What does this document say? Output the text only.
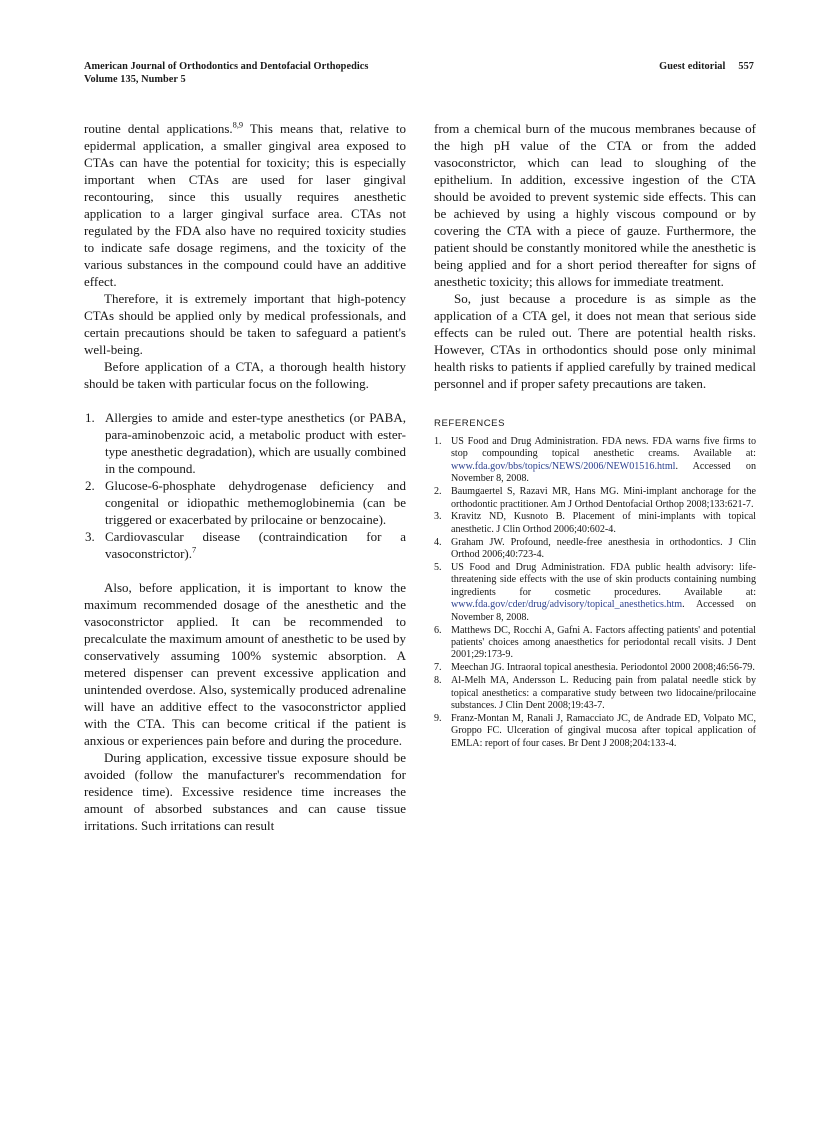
American Journal of Orthodontics and Dentofacial Orthopedics	Guest editorial 557
Volume 135, Number 5

routine dental applications.$^{8,9}$ This means that, relative to epidermal application, a smaller gingival area exposed to CTAs can have the potential for toxicity; this is especially important when CTAs are used for laser gingival recontouring, since this usually requires anesthetic application to a larger gingival surface area. CTAs not regulated by the FDA also have no required toxicity studies to indicate safe dosage regimens, and the toxicity of the various substances in the compound could have an additive effect.

Therefore, it is extremely important that high-potency CTAs should be applied only by medical professionals, and certain precautions should be taken to safeguard a patient's well-being.

Before application of a CTA, a thorough health history should be taken with particular focus on the following.

1. Allergies to amide and ester-type anesthetics (or PABA, para-aminobenzoic acid, a metabolic product with ester-type anesthetic degradation), which are usually combined in the compound.
2. Glucose-6-phosphate dehydrogenase deficiency and congenital or idiopathic methemoglobinemia (can be triggered or exacerbated by prilocaine or benzocaine).
3. Cardiovascular disease (contraindication for a vasoconstrictor).$^7$

Also, before application, it is important to know the maximum recommended dosage of the anesthetic and the vasoconstrictor applied. It can be recommended to precalculate the maximum amount of anesthetic to be used by conservatively assuming 100% systemic absorption. A metered dispenser can prevent excessive application and unintended overdose. Also, systemically produced adrenaline will have an additive effect to the vasoconstrictor applied with the CTA. This can become critical if the patient is anxious or experiences pain before and during the procedure.

During application, excessive tissue exposure should be avoided (follow the manufacturer's recommendation for residence time). Excessive residence time increases the amount of absorbed substances and can cause tissue irritations. Such irritations can result

from a chemical burn of the mucous membranes because of the high pH value of the CTA or from the added vasoconstrictor, which can lead to sloughing of the epithelium. In addition, excessive ingestion of the CTA should be avoided to prevent systemic side effects. This can be achieved by using a highly viscous compound or by covering the CTA with a piece of gauze. Furthermore, the patient should be constantly monitored while the anesthetic is being applied and for a short period thereafter for signs of anesthetic toxicity; this allows for immediate treatment.

So, just because a procedure is as simple as the application of a CTA gel, it does not mean that serious side effects can be ruled out. There are potential health risks. However, CTAs in orthodontics should pose only minimal health risks to patients if applied carefully by trained medical personnel and if proper safety precautions are taken.

REFERENCES
1. US Food and Drug Administration. FDA news. FDA warns five firms to stop compounding topical anesthetic creams. Available at: www.fda.gov/bbs/topics/NEWS/2006/NEW01516.html. Accessed on November 8, 2008.
2. Baumgaertel S, Razavi MR, Hans MG. Mini-implant anchorage for the orthodontic practitioner. Am J Orthod Dentofacial Orthop 2008;133:621-7.
3. Kravitz ND, Kusnoto B. Placement of mini-implants with topical anesthetic. J Clin Orthod 2006;40:602-4.
4. Graham JW. Profound, needle-free anesthesia in orthodontics. J Clin Orthod 2006;40:723-4.
5. US Food and Drug Administration. FDA public health advisory: life-threatening side effects with the use of skin products containing numbing ingredients for cosmetic procedures. Available at: www.fda.gov/cder/drug/advisory/topical_anesthetics.htm. Accessed on November 8, 2008.
6. Matthews DC, Rocchi A, Gafni A. Factors affecting patients' and potential patients' choices among anaesthetics for periodontal recall visits. J Dent 2001;29:173-9.
7. Meechan JG. Intraoral topical anesthesia. Periodontol 2000 2008;46:56-79.
8. Al-Melh MA, Andersson L. Reducing pain from palatal needle stick by topical anesthetics: a comparative study between two lidocaine/prilocaine substances. J Clin Dent 2008;19:43-7.
9. Franz-Montan M, Ranali J, Ramacciato JC, de Andrade ED, Volpato MC, Groppo FC. Ulceration of gingival mucosa after topical application of EMLA: report of four cases. Br Dent J 2008;204:133-4.
